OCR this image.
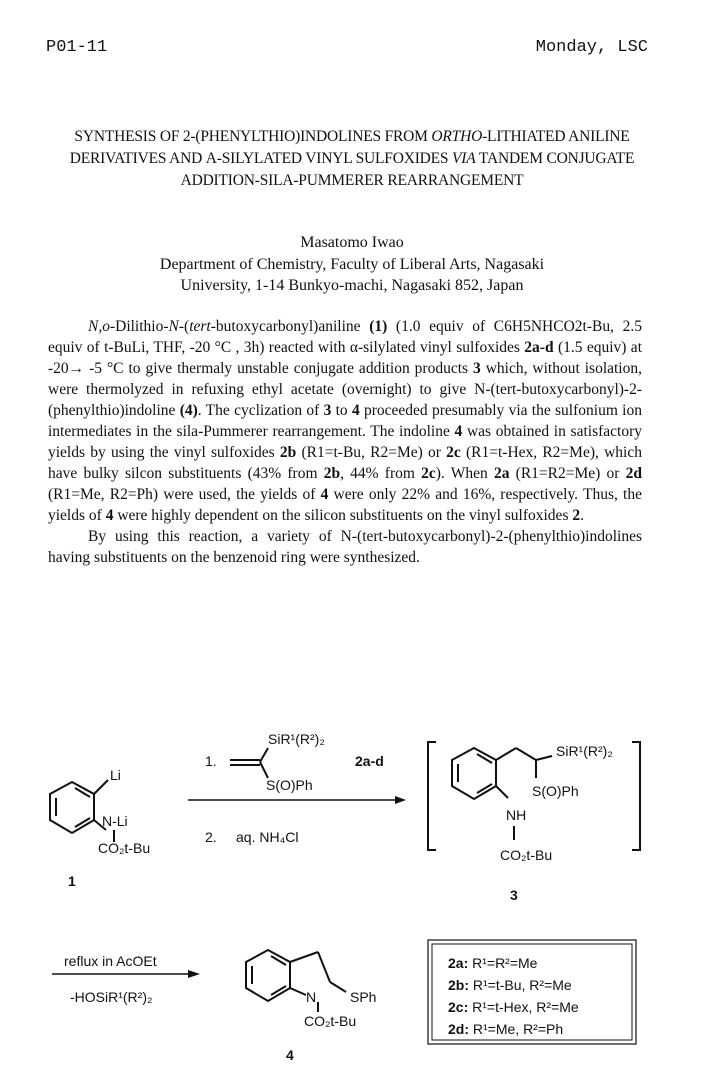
P01-11	Monday, LSC
SYNTHESIS OF 2-(PHENYLTHIO)INDOLINES FROM ORTHO-LITHIATED ANILINE DERIVATIVES AND Α-SILYLATED VINYL SULFOXIDES VIA TANDEM CONJUGATE ADDITION-SILA-PUMMERER REARRANGEMENT
Masatomo Iwao
Department of Chemistry, Faculty of Liberal Arts, Nagasaki
University, 1-14 Bunkyo-machi, Nagasaki 852, Japan

N,o-Dilithio-N-(tert-butoxycarbonyl)aniline (1) (1.0 equiv of C6H5NHCO2t-Bu, 2.5 equiv of t-BuLi, THF, -20 °C , 3h) reacted with α-silylated vinyl sulfoxides 2a-d (1.5 equiv) at -20→ -5 °C to give thermaly unstable conjugate addition products 3 which, without isolation, were thermolyzed in refuxing ethyl acetate (overnight) to give N-(tert-butoxycarbonyl)-2-(phenylthio)indoline (4). The cyclization of 3 to 4 proceeded presumably via the sulfonium ion intermediates in the sila-Pummerer rearrangement. The indoline 4 was obtained in satisfactory yields by using the vinyl sulfoxides 2b (R1=t-Bu, R2=Me) or 2c (R1=t-Hex, R2=Me), which have bulky silcon substituents (43% from 2b, 44% from 2c). When 2a (R1=R2=Me) or 2d (R1=Me, R2=Ph) were used, the yields of 4 were only 22% and 16%, respectively. Thus, the yields of 4 were highly dependent on the silicon substituents on the vinyl sulfoxides 2.

By using this reaction, a variety of N-(tert-butoxycarbonyl)-2-(phenylthio)indolines having substituents on the benzenoid ring were synthesized.

Li
N-Li
CO₂t-Bu
1
1.
SiR¹(R²)₂
S(O)Ph
2a-d
2. aq. NH₄Cl
SiR¹(R²)₂
S(O)Ph
NH
CO₂t-Bu
3
reflux in AcOEt
-HOSiR¹(R²)₂	N SPh
CO₂t-Bu
4
2a: R¹=R²=Me
2b: R¹=t-Bu, R²=Me
2c: R¹=t-Hex, R²=Me
2d: R¹=Me, R²=Ph
